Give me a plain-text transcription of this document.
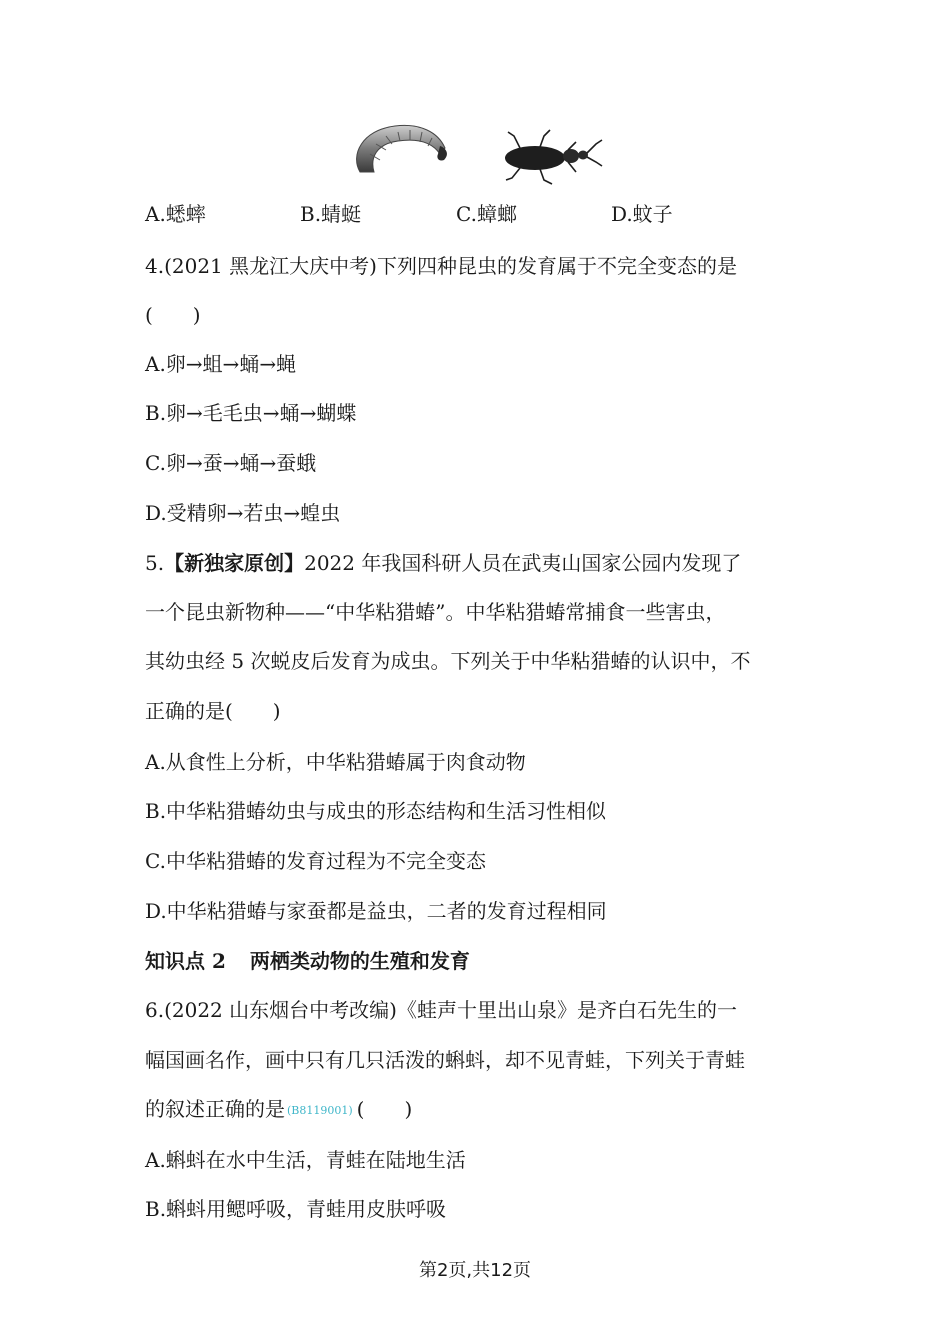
A.蟋蟀	B.蜻蜓	C.蟑螂	D.蚊子
4.(2021 黑龙江大庆中考)下列四种昆虫的发育属于不完全变态的是
(　　)
A.卵→蛆→蛹→蝇
B.卵→毛毛虫→蛹→蝴蝶
C.卵→蚕→蛹→蚕蛾
D.受精卵→若虫→蝗虫
5.【新独家原创】2022 年我国科研人员在武夷山国家公园内发现了
一个昆虫新物种——“中华粘猎蝽”。中华粘猎蝽常捕食一些害虫，
其幼虫经 5 次蜕皮后发育为成虫。下列关于中华粘猎蝽的认识中，不
正确的是(　　)
A.从食性上分析，中华粘猎蝽属于肉食动物
B.中华粘猎蝽幼虫与成虫的形态结构和生活习性相似
C.中华粘猎蝽的发育过程为不完全变态
D.中华粘猎蝽与家蚕都是益虫，二者的发育过程相同
知识点 2 两栖类动物的生殖和发育
6.(2022 山东烟台中考改编)《蛙声十里出山泉》是齐白石先生的一
幅国画名作，画中只有几只活泼的蝌蚪，却不见青蛙，下列关于青蛙
的叙述正确的是 (B8119001) (　　)
A.蝌蚪在水中生活，青蛙在陆地生活
B.蝌蚪用鳃呼吸，青蛙用皮肤呼吸
第2页,共12页
